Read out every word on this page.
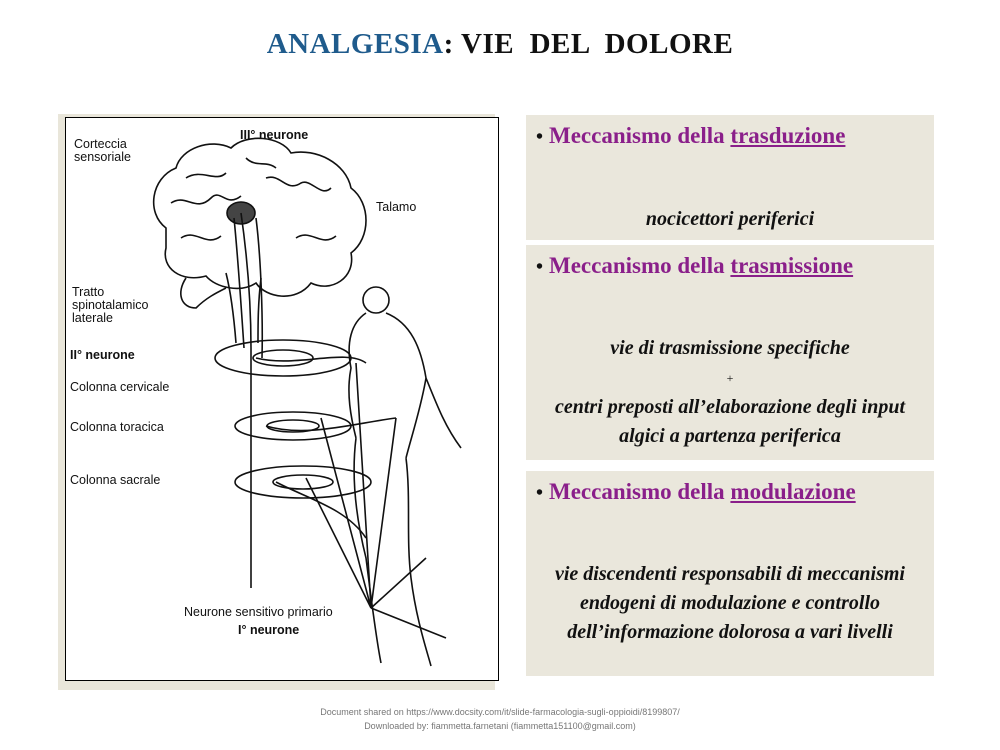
ANALGESIA: VIE  DEL  DOLORE
Corteccia
sensoriale
III° neurone
Talamo
Tratto
spinotalamico
laterale
II° neurone
Colonna cervicale
Colonna toracica
Colonna sacrale
Neurone sensitivo primario
I° neurone
• Meccanismo della trasduzione
nocicettori periferici
• Meccanismo della trasmissione
vie di trasmissione specifiche
+
centri preposti all’elaborazione degli input algici a partenza periferica
• Meccanismo della modulazione
vie discendenti responsabili di meccanismi endogeni di modulazione e controllo dell’informazione dolorosa a vari livelli
Document shared on https://www.docsity.com/it/slide-farmacologia-sugli-oppioidi/8199807/
Downloaded by: fiammetta.farnetani (fiammetta151100@gmail.com)
